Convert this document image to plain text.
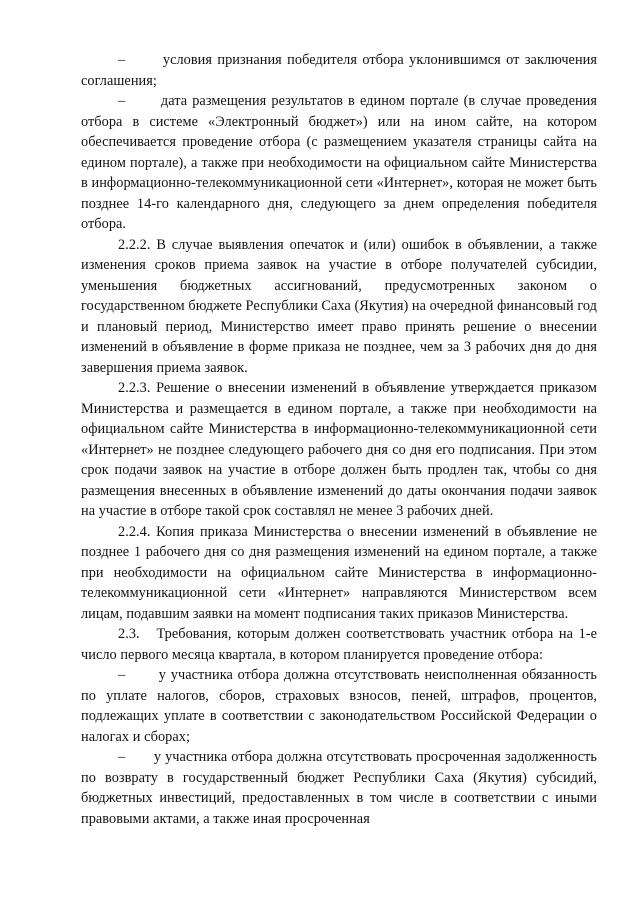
–       условия признания победителя отбора уклонившимся от заключения соглашения;

–       дата размещения результатов в едином портале (в случае проведения отбора в системе «Электронный бюджет») или на ином сайте, на котором обеспечивается проведение отбора (с размещением указателя страницы сайта на едином портале), а также при необходимости на официальном сайте Министерства в информационно-телекоммуникационной сети «Интернет», которая не может быть позднее 14-го календарного дня, следующего за днем определения победителя отбора.

2.2.2. В случае выявления опечаток и (или) ошибок в объявлении, а также изменения сроков приема заявок на участие в отборе получателей субсидии, уменьшения бюджетных ассигнований, предусмотренных законом о государственном бюджете Республики Саха (Якутия) на очередной финансовый год и плановый период, Министерство имеет право принять решение о внесении изменений в объявление в форме приказа не позднее, чем за 3 рабочих дня до дня завершения приема заявок.

2.2.3. Решение о внесении изменений в объявление утверждается приказом Министерства и размещается в едином портале, а также при необходимости на официальном сайте Министерства в информационно-телекоммуникационной сети «Интернет» не позднее следующего рабочего дня со дня его подписания. При этом срок подачи заявок на участие в отборе должен быть продлен так, чтобы со дня размещения внесенных в объявление изменений до даты окончания подачи заявок на участие в отборе такой срок составлял не менее 3 рабочих дней.

2.2.4. Копия приказа Министерства о внесении изменений в объявление не позднее 1 рабочего дня со дня размещения изменений на едином портале, а также при необходимости на официальном сайте Министерства в информационно-телекоммуникационной сети «Интернет» направляются Министерством всем лицам, подавшим заявки на момент подписания таких приказов Министерства.

2.3.   Требования, которым должен соответствовать участник отбора на 1-е число первого месяца квартала, в котором планируется проведение отбора:

–       у участника отбора должна отсутствовать неисполненная обязанность по уплате налогов, сборов, страховых взносов, пеней, штрафов, процентов, подлежащих уплате в соответствии с законодательством Российской Федерации о налогах и сборах;

–       у участника отбора должна отсутствовать просроченная задолженность по возврату в государственный бюджет Республики Саха (Якутия) субсидий, бюджетных инвестиций, предоставленных в том числе в соответствии с иными правовыми актами, а также иная просроченная
